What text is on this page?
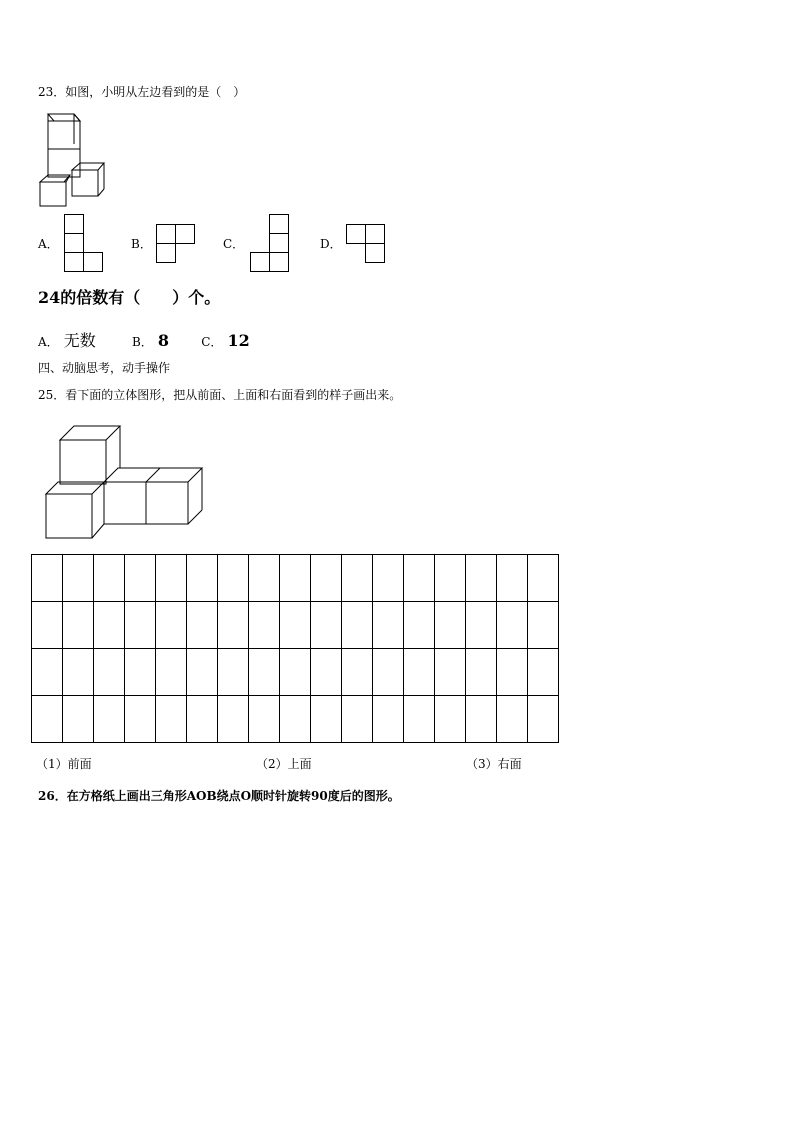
23．如图，小明从左边看到的是（　）
A．	B．	C．	D．
24的倍数有（　　）个。
A． 无数	B． 8	C． 12
四、动脑思考，动手操作
25．看下面的立体图形，把从前面、上面和右面看到的样子画出来。

（1）前面	（2）上面	（3）右面
26．在方格纸上画出三角形AOB绕点O顺时针旋转90度后的图形。
